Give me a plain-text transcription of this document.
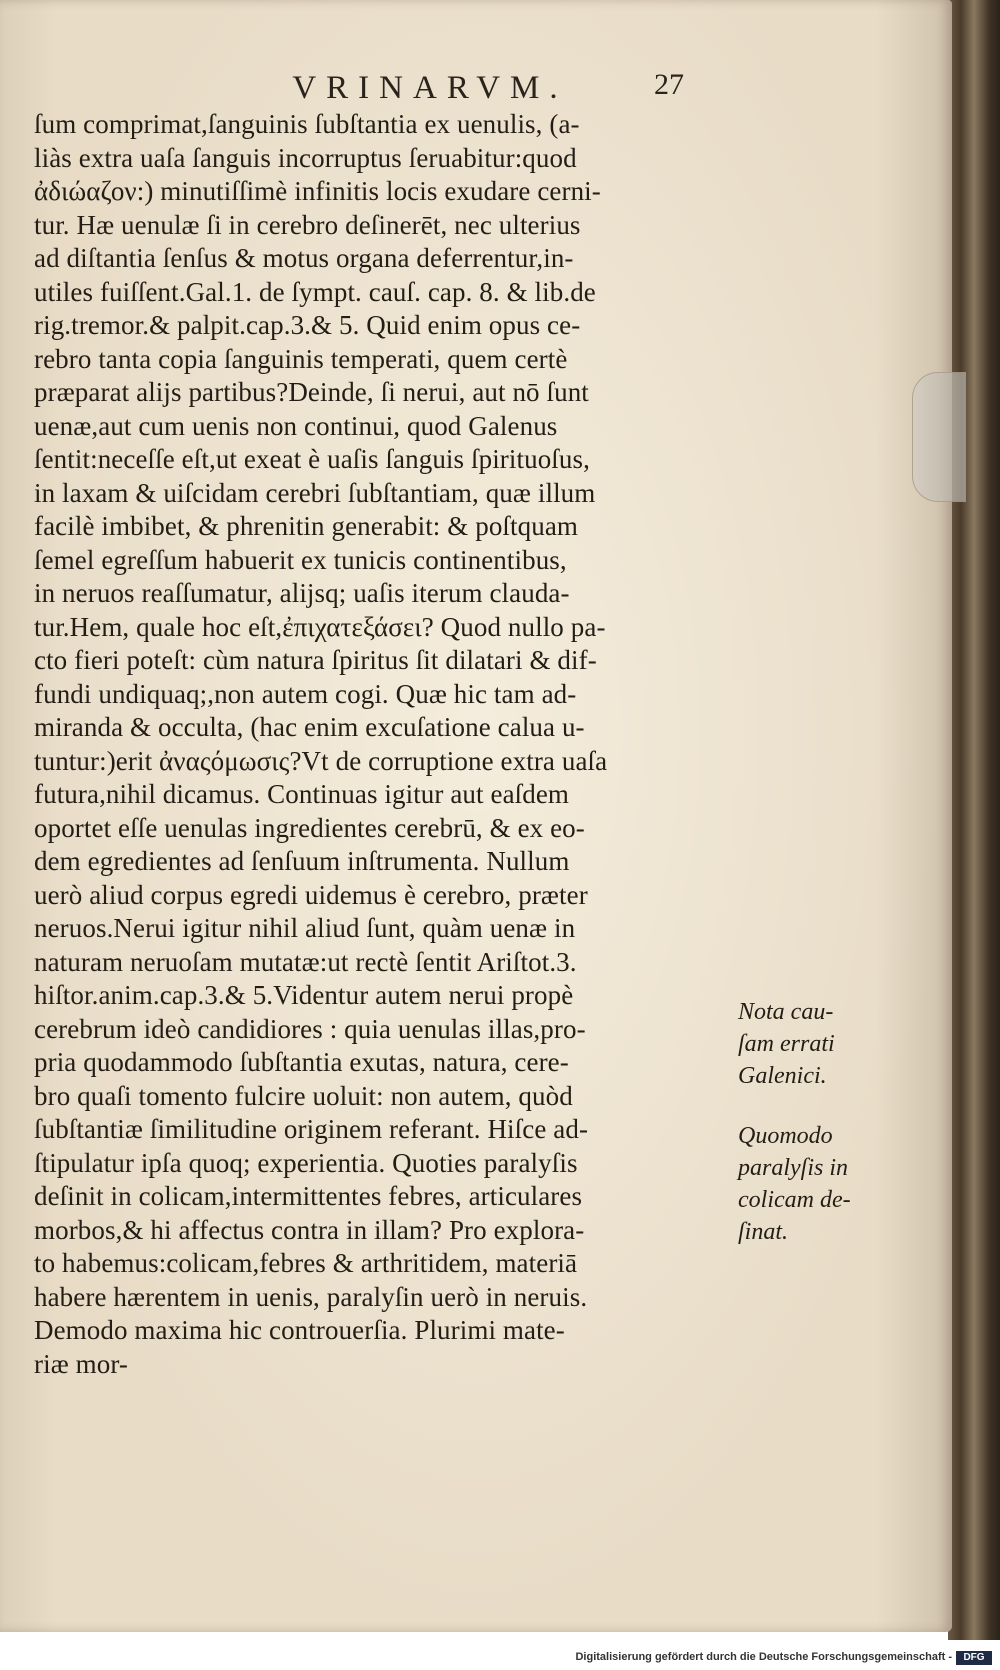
VRINARVM.	27
ſum comprimat,ſanguinis ſubſtantia ex uenulis, (a-
liàs extra uaſa ſanguis incorruptus ſeruabitur:quod
ἀδιώαζον:) minutiſſimè infinitis locis exudare cerni-
tur. Hæ uenulæ ſi in cerebro deſinerēt, nec ulterius
ad diſtantia ſenſus & motus organa deferrentur,in-
utiles fuiſſent.Gal.1. de ſympt. cauſ. cap. 8. & lib.de
rig.tremor.& palpit.cap.3.& 5. Quid enim opus ce-
rebro tanta copia ſanguinis temperati, quem certè
præparat alijs partibus?Deinde, ſi nerui, aut nō ſunt
uenæ,aut cum uenis non continui, quod Galenus
ſentit:neceſſe eſt,ut exeat è uaſis ſanguis ſpirituoſus,
in laxam & uiſcidam cerebri ſubſtantiam, quæ illum
facilè imbibet, & phrenitin generabit: & poſtquam
ſemel egreſſum habuerit ex tunicis continentibus,
in neruos reaſſumatur, alijsq; uaſis iterum clauda-
tur.Hem, quale hoc eſt,ἐπιχατεξάσει? Quod nullo pa-
cto fieri poteſt: cùm natura ſpiritus ſit dilatari & dif-
fundi undiquaq;,non autem cogi. Quæ hic tam ad-
miranda & occulta, (hac enim excuſatione calua u-
tuntur:)erit ἀναςόμωσις?Vt de corruptione extra uaſa
futura,nihil dicamus. Continuas igitur aut eaſdem
oportet eſſe uenulas ingredientes cerebrū, & ex eo-
dem egredientes ad ſenſuum inſtrumenta. Nullum
uerò aliud corpus egredi uidemus è cerebro, præter
neruos.Nerui igitur nihil aliud ſunt, quàm uenæ in
naturam neruoſam mutatæ:ut rectè ſentit Ariſtot.3.
hiſtor.anim.cap.3.& 5.Videntur autem nerui propè
cerebrum ideò candidiores : quia uenulas illas,pro-
pria quodammodo ſubſtantia exutas, natura, cere-
bro quaſi tomento fulcire uoluit: non autem, quòd
ſubſtantiæ ſimilitudine originem referant. Hiſce ad-
ſtipulatur ipſa quoq; experientia. Quoties paralyſis
deſinit in colicam,intermittentes febres, articulares
morbos,& hi affectus contra in illam? Pro explora-
to habemus:colicam,febres & arthritidem, materiā
habere hærentem in uenis, paralyſin uerò in neruis.
Demodo maxima hic controuerſia. Plurimi mate-
riæ mor-
Nota cau-
ſam errati
Galenici.
Quomodo
paralyſis in
colicam de-
ſinat.
Digitalisierung gefördert durch die Deutsche Forschungsgemeinschaft -	DFG
